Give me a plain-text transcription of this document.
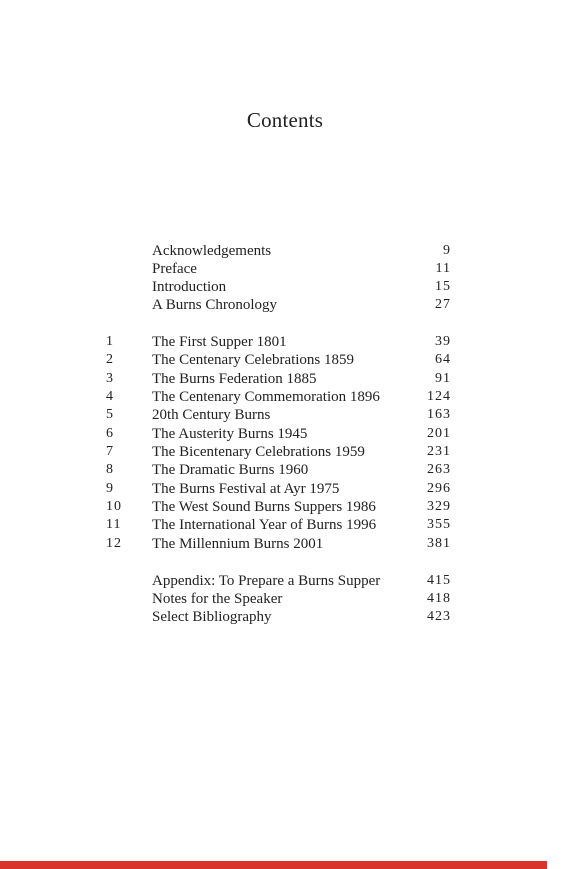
Contents
Acknowledgements	9
Preface	11
Introduction	15
A Burns Chronology	27
1	The First Supper 1801	39
2	The Centenary Celebrations 1859	64
3	The Burns Federation 1885	91
4	The Centenary Commemoration 1896	124
5	20th Century Burns	163
6	The Austerity Burns 1945	201
7	The Bicentenary Celebrations 1959	231
8	The Dramatic Burns 1960	263
9	The Burns Festival at Ayr 1975	296
10	The West Sound Burns Suppers 1986	329
11	The International Year of Burns 1996	355
12	The Millennium Burns 2001	381
Appendix: To Prepare a Burns Supper	415
Notes for the Speaker	418
Select Bibliography	423
